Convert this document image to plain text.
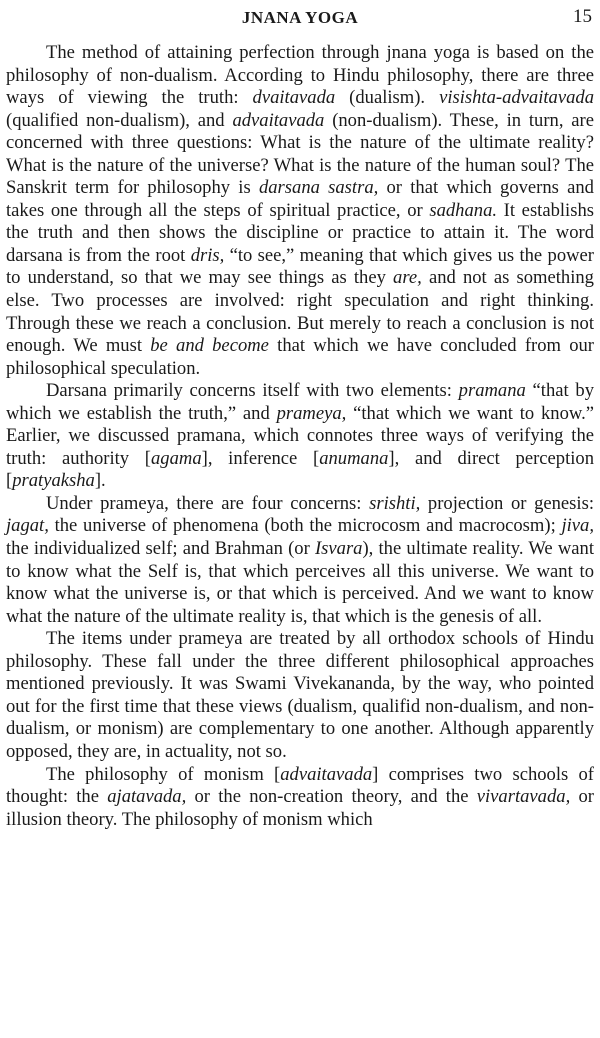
JNANA YOGA	15

The method of attaining perfection through jnana yoga is based on the philosophy of non-dualism. According to Hindu philosophy, there are three ways of viewing the truth: dvaitavada (dualism). visishta-advaitavada (qualified non-dualism), and advaitavada (non-dualism). These, in turn, are concerned with three questions: What is the nature of the ultimate reality? What is the nature of the universe? What is the nature of the human soul? The Sanskrit term for philosophy is darsana sastra, or that which governs and takes one through all the steps of spiritual practice, or sadhana. It establishs the truth and then shows the discipline or practice to attain it. The word darsana is from the root dris, “to see,” meaning that which gives us the power to understand, so that we may see things as they are, and not as something else. Two processes are involved: right speculation and right thinking. Through these we reach a conclusion. But merely to reach a conclusion is not enough. We must be and become that which we have concluded from our philosophical speculation.

Darsana primarily concerns itself with two elements: pramana “that by which we establish the truth,” and prameya, “that which we want to know.” Earlier, we discussed pramana, which connotes three ways of verifying the truth: authority [agama], inference [anumana], and direct perception [pratyaksha].

Under prameya, there are four concerns: srishti, projection or genesis: jagat, the universe of phenomena (both the microcosm and macrocosm); jiva, the individualized self; and Brahman (or Isvara), the ultimate reality. We want to know what the Self is, that which perceives all this universe. We want to know what the universe is, or that which is perceived. And we want to know what the nature of the ultimate reality is, that which is the genesis of all.

The items under prameya are treated by all orthodox schools of Hindu philosophy. These fall under the three different philosophical approaches mentioned previously. It was Swami Vivekananda, by the way, who pointed out for the first time that these views (dualism, qualifid non-dualism, and non-dualism, or monism) are complementary to one another. Although apparently opposed, they are, in actuality, not so.

The philosophy of monism [advaitavada] comprises two schools of thought: the ajatavada, or the non-creation theory, and the vivartavada, or illusion theory. The philosophy of monism which
